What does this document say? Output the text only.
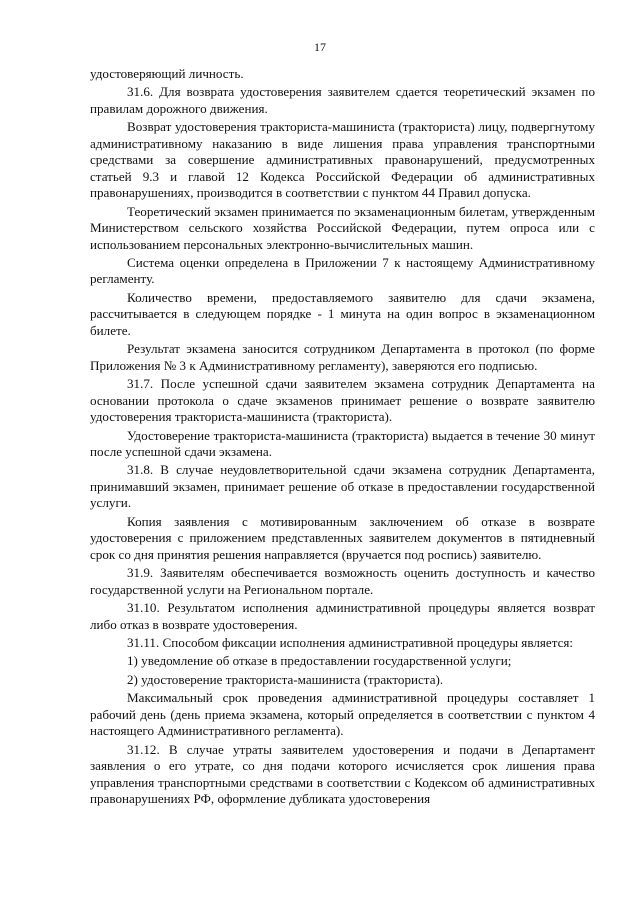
17

удостоверяющий личность.

31.6. Для возврата удостоверения заявителем сдается теоретический экзамен по правилам дорожного движения.

Возврат удостоверения тракториста-машиниста (тракториста) лицу, подвергнутому административному наказанию в виде лишения права управления транспортными средствами за совершение административных правонарушений, предусмотренных статьей 9.3 и главой 12 Кодекса Российской Федерации об административных правонарушениях, производится в соответствии с пунктом 44 Правил допуска.

Теоретический экзамен принимается по экзаменационным билетам, утвержденным Министерством сельского хозяйства Российской Федерации, путем опроса или с использованием персональных электронно-вычислительных машин.

Система оценки определена в Приложении 7 к настоящему Административному регламенту.

Количество времени, предоставляемого заявителю для сдачи экзамена, рассчитывается в следующем порядке - 1 минута на один вопрос в экзаменационном билете.

Результат экзамена заносится сотрудником Департамента в протокол (по форме Приложения № 3 к Административному регламенту), заверяются его подписью.

31.7. После успешной сдачи заявителем экзамена сотрудник Департамента на основании протокола о сдаче экзаменов принимает решение о возврате заявителю удостоверения тракториста-машиниста (тракториста).

Удостоверение тракториста-машиниста (тракториста) выдается в течение 30 минут после успешной сдачи экзамена.

31.8. В случае неудовлетворительной сдачи экзамена сотрудник Департамента, принимавший экзамен, принимает решение об отказе в предоставлении государственной услуги.

Копия заявления с мотивированным заключением об отказе в возврате удостоверения с приложением представленных заявителем документов в пятидневный срок со дня принятия решения направляется (вручается под роспись) заявителю.

31.9. Заявителям обеспечивается возможность оценить доступность и качество государственной услуги на Региональном портале.

31.10. Результатом исполнения административной процедуры является возврат либо отказ в возврате удостоверения.

31.11. Способом фиксации исполнения административной процедуры является:

1) уведомление об отказе в предоставлении государственной услуги;

2) удостоверение тракториста-машиниста (тракториста).

Максимальный срок проведения административной процедуры составляет 1 рабочий день (день приема экзамена, который определяется в соответствии с пунктом 4 настоящего Административного регламента).

31.12. В случае утраты заявителем удостоверения и подачи в Департамент заявления о его утрате, со дня подачи которого исчисляется срок лишения права управления транспортными средствами в соответствии с Кодексом об административных правонарушениях РФ, оформление дубликата удостоверения
